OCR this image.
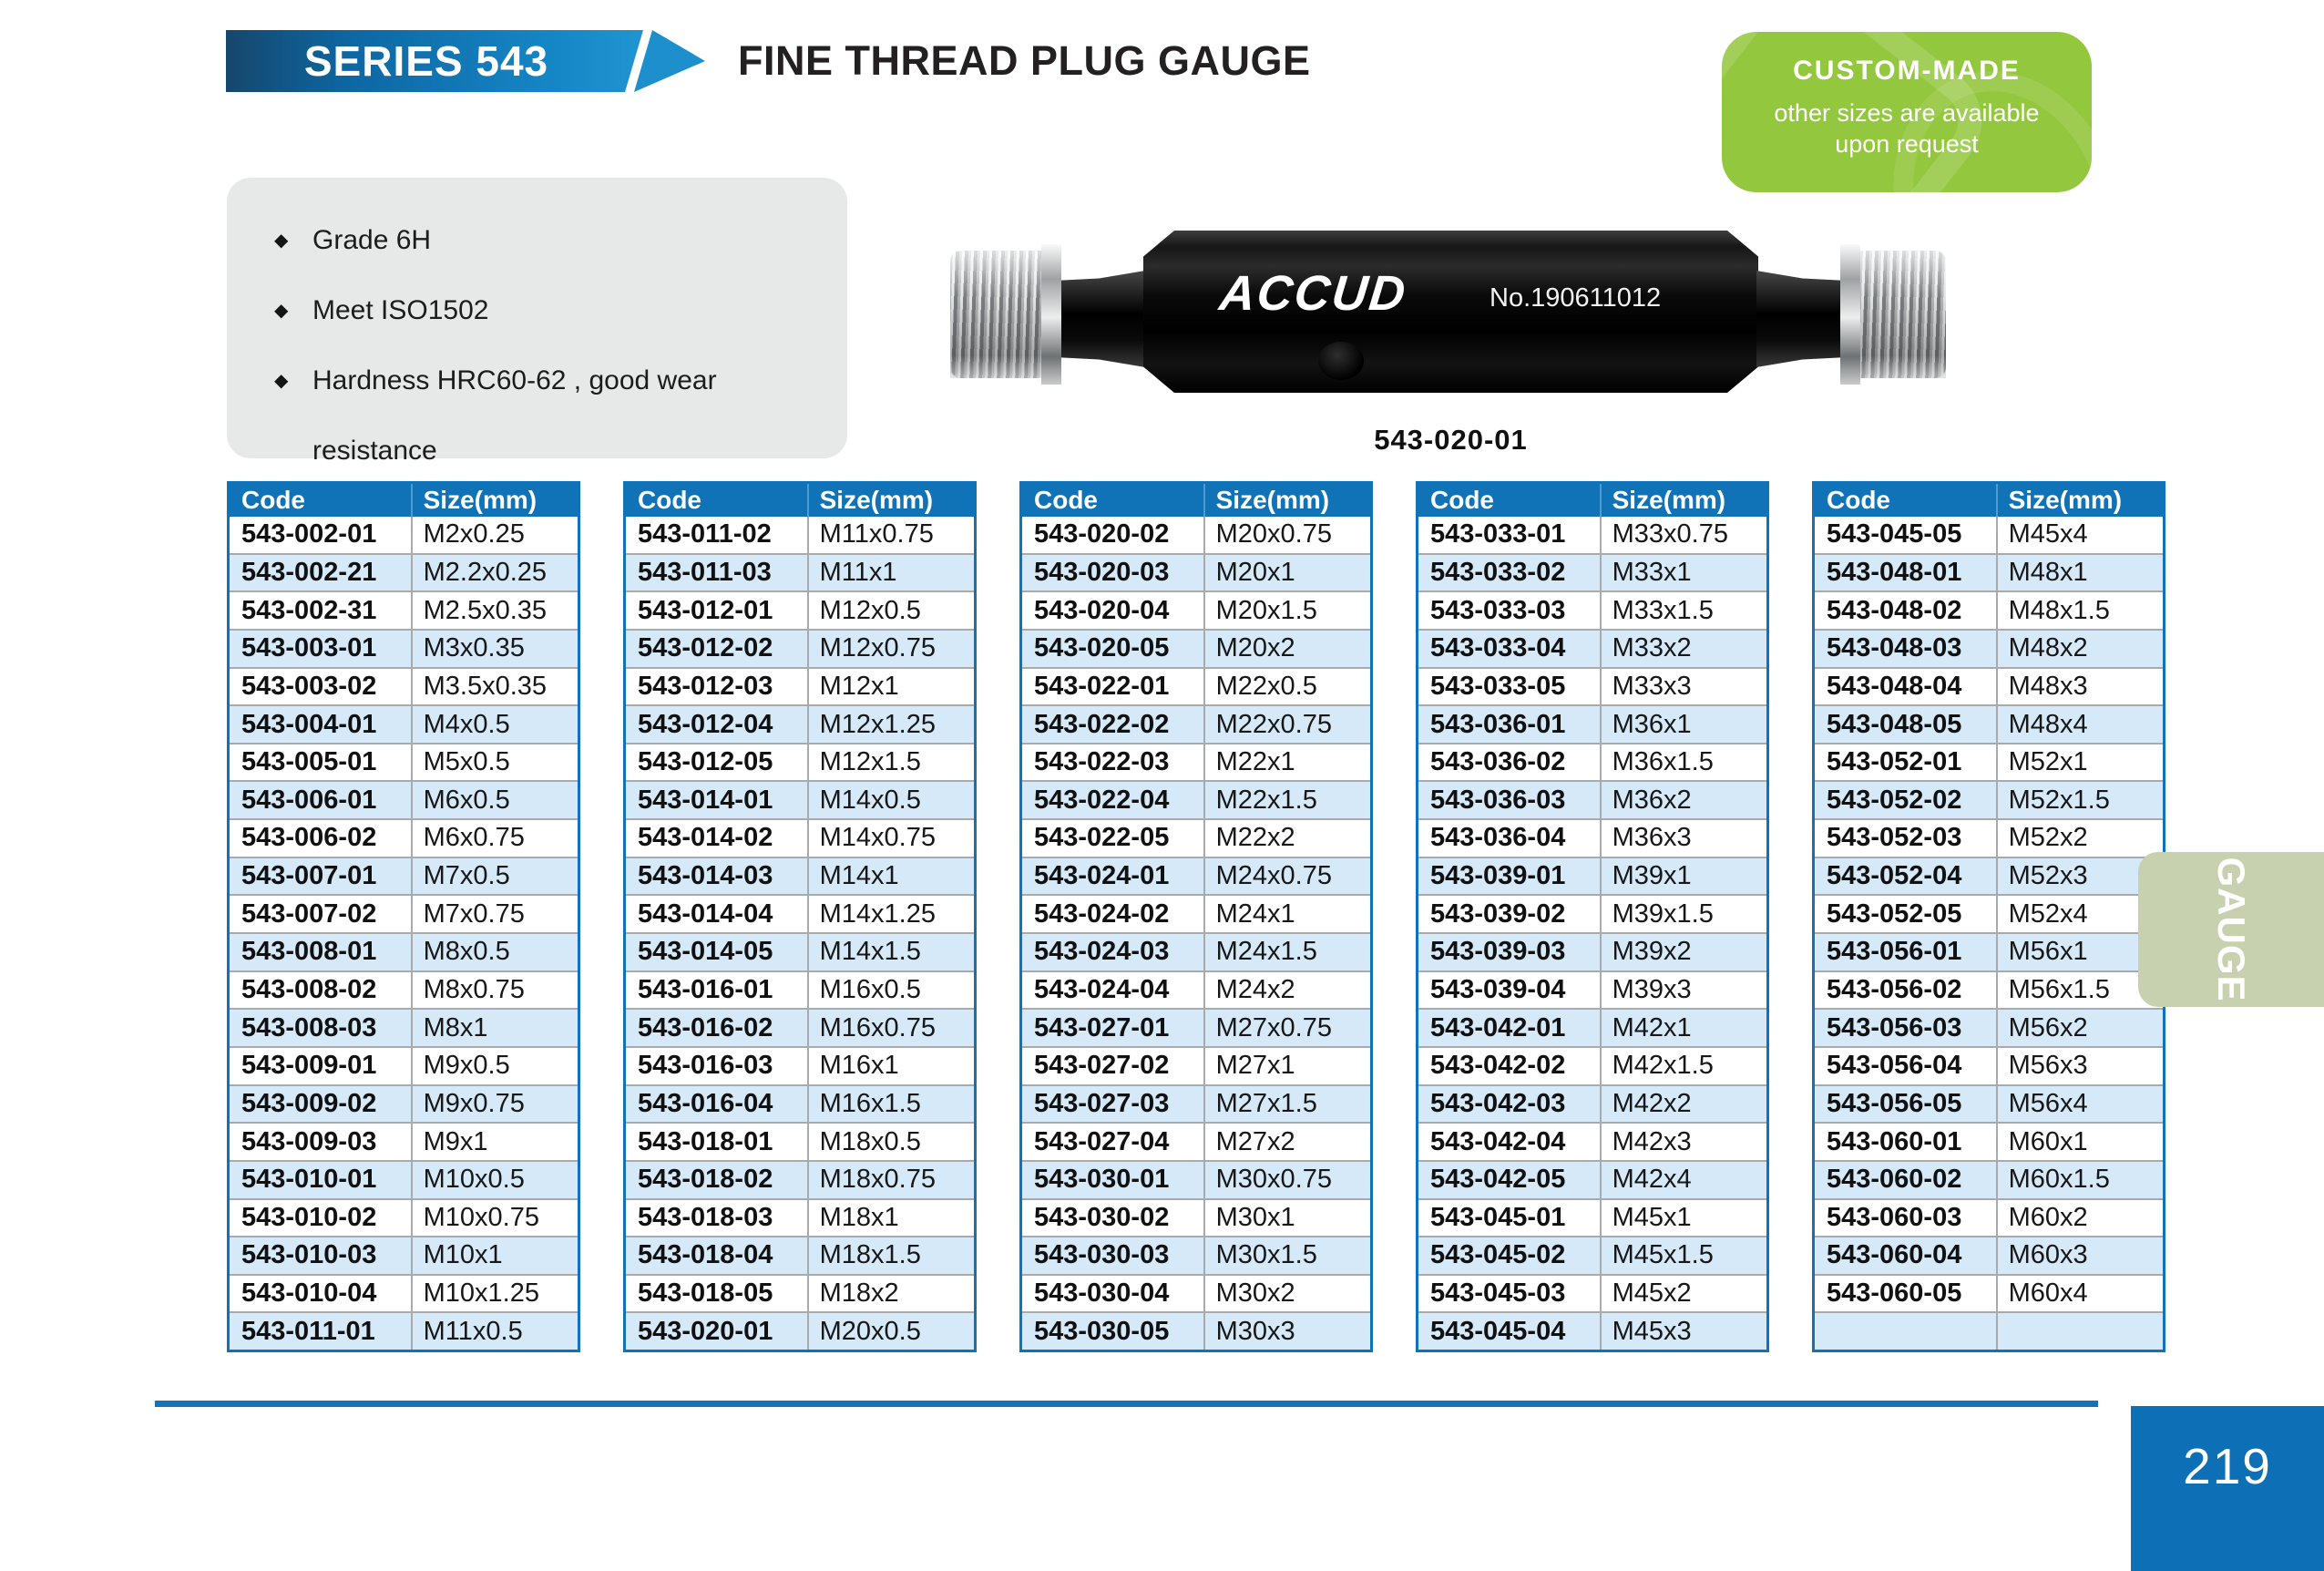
SERIES 543	FINE THREAD PLUG GAUGE	CUSTOM-MADE
other sizes are available
upon request
◆ Grade 6H
◆ Meet ISO1502
◆ Hardness HRC60-62 , good wear
resistance
ACCUD	No.190611012
543-020-01
Code	Size(mm)
543-002-01	M2x0.25
543-002-21	M2.2x0.25
543-002-31	M2.5x0.35
543-003-01	M3x0.35
543-003-02	M3.5x0.35
543-004-01	M4x0.5
543-005-01	M5x0.5
543-006-01	M6x0.5
543-006-02	M6x0.75
543-007-01	M7x0.5
543-007-02	M7x0.75
543-008-01	M8x0.5
543-008-02	M8x0.75
543-008-03	M8x1
543-009-01	M9x0.5
543-009-02	M9x0.75
543-009-03	M9x1
543-010-01	M10x0.5
543-010-02	M10x0.75
543-010-03	M10x1
543-010-04	M10x1.25
543-011-01	M11x0.5
Code	Size(mm)
543-011-02	M11x0.75
543-011-03	M11x1
543-012-01	M12x0.5
543-012-02	M12x0.75
543-012-03	M12x1
543-012-04	M12x1.25
543-012-05	M12x1.5
543-014-01	M14x0.5
543-014-02	M14x0.75
543-014-03	M14x1
543-014-04	M14x1.25
543-014-05	M14x1.5
543-016-01	M16x0.5
543-016-02	M16x0.75
543-016-03	M16x1
543-016-04	M16x1.5
543-018-01	M18x0.5
543-018-02	M18x0.75
543-018-03	M18x1
543-018-04	M18x1.5
543-018-05	M18x2
543-020-01	M20x0.5
Code	Size(mm)
543-020-02	M20x0.75
543-020-03	M20x1
543-020-04	M20x1.5
543-020-05	M20x2
543-022-01	M22x0.5
543-022-02	M22x0.75
543-022-03	M22x1
543-022-04	M22x1.5
543-022-05	M22x2
543-024-01	M24x0.75
543-024-02	M24x1
543-024-03	M24x1.5
543-024-04	M24x2
543-027-01	M27x0.75
543-027-02	M27x1
543-027-03	M27x1.5
543-027-04	M27x2
543-030-01	M30x0.75
543-030-02	M30x1
543-030-03	M30x1.5
543-030-04	M30x2
543-030-05	M30x3
Code	Size(mm)
543-033-01	M33x0.75
543-033-02	M33x1
543-033-03	M33x1.5
543-033-04	M33x2
543-033-05	M33x3
543-036-01	M36x1
543-036-02	M36x1.5
543-036-03	M36x2
543-036-04	M36x3
543-039-01	M39x1
543-039-02	M39x1.5
543-039-03	M39x2
543-039-04	M39x3
543-042-01	M42x1
543-042-02	M42x1.5
543-042-03	M42x2
543-042-04	M42x3
543-042-05	M42x4
543-045-01	M45x1
543-045-02	M45x1.5
543-045-03	M45x2
543-045-04	M45x3
Code	Size(mm)
543-045-05	M45x4
543-048-01	M48x1
543-048-02	M48x1.5
543-048-03	M48x2
543-048-04	M48x3
543-048-05	M48x4
543-052-01	M52x1
543-052-02	M52x1.5
543-052-03	M52x2
543-052-04	M52x3
543-052-05	M52x4
543-056-01	M56x1
543-056-02	M56x1.5
543-056-03	M56x2
543-056-04	M56x3
543-056-05	M56x4
543-060-01	M60x1
543-060-02	M60x1.5
543-060-03	M60x2
543-060-04	M60x3
543-060-05	M60x4
GAUGE
219
